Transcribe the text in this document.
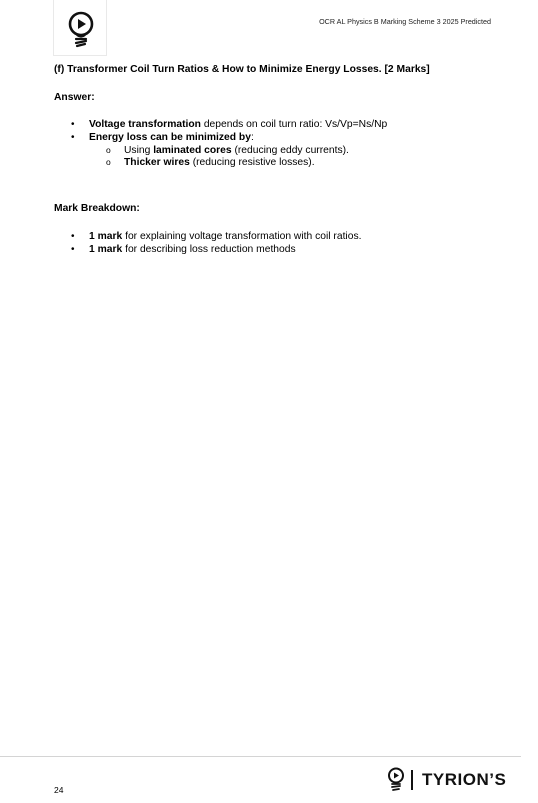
OCR AL Physics B Marking Scheme 3 2025 Predicted
(f) Transformer Coil Turn Ratios & How to Minimize Energy Losses. [2 Marks]
Answer:
• Voltage transformation depends on coil turn ratio: Vs/Vp=Ns/Np
• Energy loss can be minimized by:
o Using laminated cores (reducing eddy currents).
o Thicker wires (reducing resistive losses).
Mark Breakdown:
• 1 mark for explaining voltage transformation with coil ratios.
• 1 mark for describing loss reduction methods
24
TYRION’S
